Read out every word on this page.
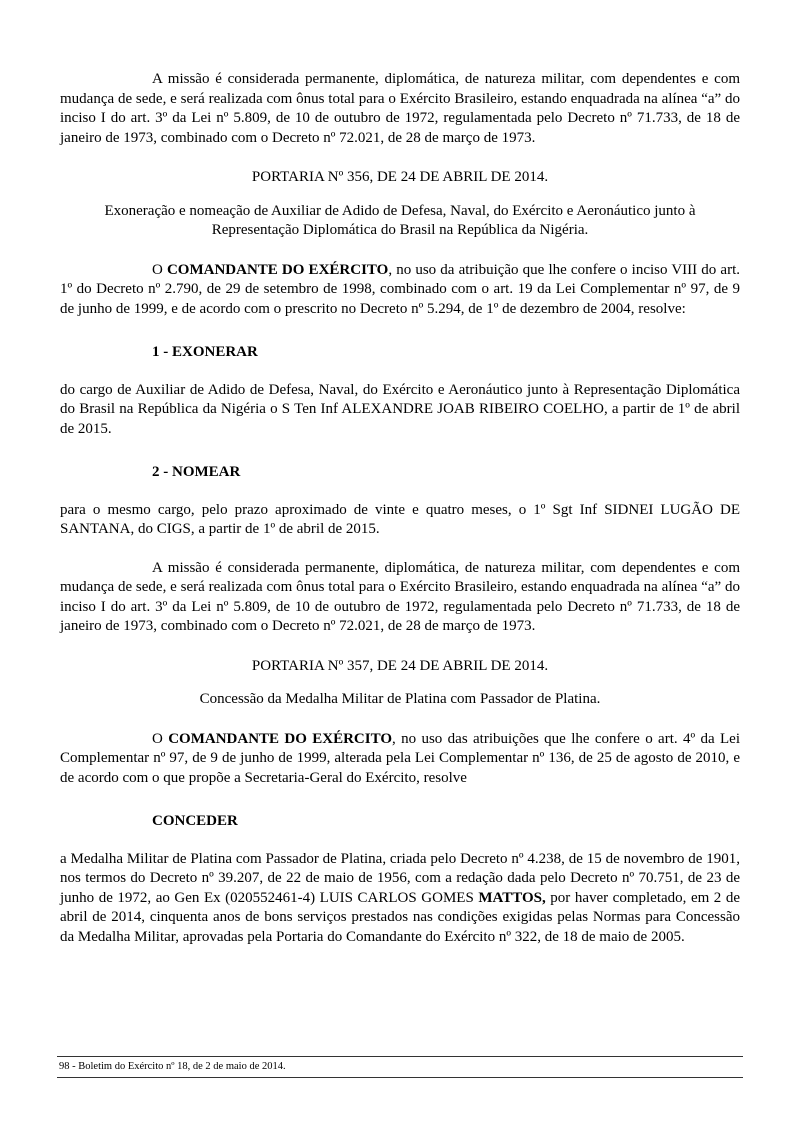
A missão é considerada permanente, diplomática, de natureza militar, com dependentes e com mudança de sede, e será realizada com ônus total para o Exército Brasileiro, estando enquadrada na alínea “a” do inciso I do art. 3º da Lei nº 5.809, de 10 de outubro de 1972, regulamentada pelo Decreto nº 71.733, de 18 de janeiro de 1973, combinado com o Decreto nº 72.021, de 28 de março de 1973.

PORTARIA Nº 356, DE 24 DE ABRIL DE 2014.

Exoneração e nomeação de Auxiliar de Adido de Defesa, Naval, do Exército e Aeronáutico junto à Representação Diplomática do Brasil na República da Nigéria.

O COMANDANTE DO EXÉRCITO, no uso da atribuição que lhe confere o inciso VIII do art. 1º do Decreto nº 2.790, de 29 de setembro de 1998, combinado com o art. 19 da Lei Complementar nº 97, de 9 de junho de 1999, e de acordo com o prescrito no Decreto nº 5.294, de 1º de dezembro de 2004, resolve:

1 - EXONERAR

do cargo de Auxiliar de Adido de Defesa, Naval, do Exército e Aeronáutico junto à Representação Diplomática do Brasil na República da Nigéria o S Ten Inf ALEXANDRE JOAB RIBEIRO COELHO, a partir de 1º de abril de 2015.

2 - NOMEAR

para o mesmo cargo, pelo prazo aproximado de vinte e quatro meses, o 1º Sgt Inf SIDNEI LUGÃO DE SANTANA, do CIGS, a partir de 1º de abril de 2015.

A missão é considerada permanente, diplomática, de natureza militar, com dependentes e com mudança de sede, e será realizada com ônus total para o Exército Brasileiro, estando enquadrada na alínea “a” do inciso I do art. 3º da Lei nº 5.809, de 10 de outubro de 1972, regulamentada pelo Decreto nº 71.733, de 18 de janeiro de 1973, combinado com o Decreto nº 72.021, de 28 de março de 1973.

PORTARIA Nº 357, DE 24 DE ABRIL DE 2014.

Concessão da Medalha Militar de Platina com Passador de Platina.

O COMANDANTE DO EXÉRCITO, no uso das atribuições que lhe confere o art. 4º da Lei Complementar nº 97, de 9 de junho de 1999, alterada pela Lei Complementar nº 136, de 25 de agosto de 2010, e de acordo com o que propõe a Secretaria-Geral do Exército, resolve

CONCEDER

a Medalha Militar de Platina com Passador de Platina, criada pelo Decreto nº 4.238, de 15 de novembro de 1901, nos termos do Decreto nº 39.207, de 22 de maio de 1956, com a redação dada pelo Decreto nº 70.751, de 23 de junho de 1972, ao Gen Ex (020552461-4) LUIS CARLOS GOMES MATTOS, por haver completado, em 2 de abril de 2014, cinquenta anos de bons serviços prestados nas condições exigidas pelas Normas para Concessão da Medalha Militar, aprovadas pela Portaria do Comandante do Exército nº 322, de 18 de maio de 2005.

98 - Boletim do Exército nº 18, de 2 de maio de 2014.
